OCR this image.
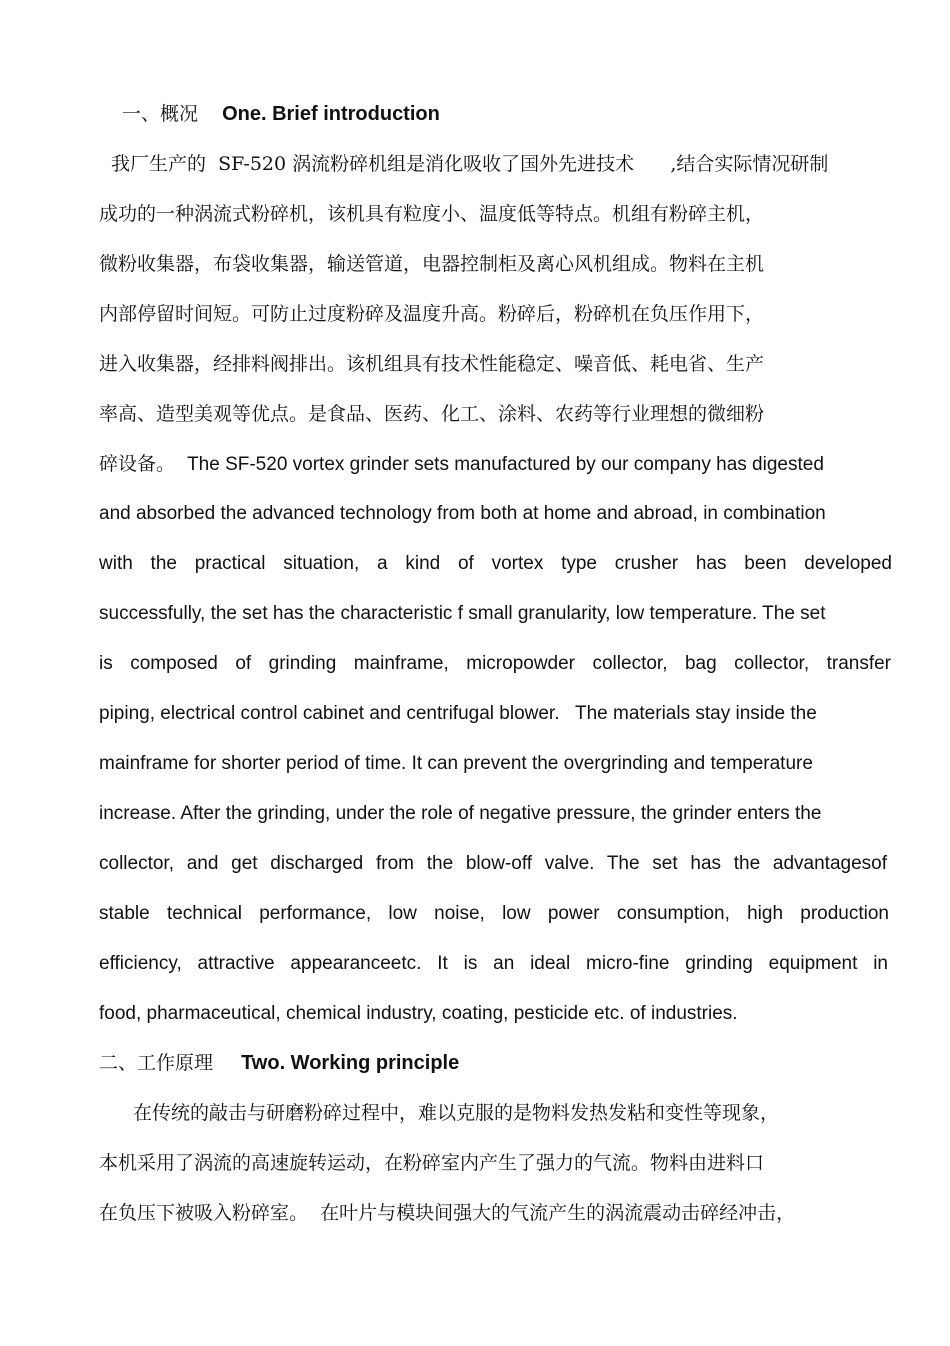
一、概况 One. Brief introduction
我厂生产的  SF-520 涡流粉碎机组是消化吸收了国外先进技术      ,结合实际情况研制
成功的一种涡流式粉碎机，该机具有粒度小、温度低等特点。机组有粉碎主机，
微粉收集器，布袋收集器，输送管道，电器控制柜及离心风机组成。物料在主机
内部停留时间短。可防止过度粉碎及温度升高。粉碎后，粉碎机在负压作用下，
进入收集器，经排料阀排出。该机组具有技术性能稳定、噪音低、耗电省、生产
率高、造型美观等优点。是食品、医药、化工、涂料、农药等行业理想的微细粉
碎设备。 The SF-520 vortex grinder sets manufactured by our company has digested
and absorbed the advanced technology from both at home and abroad, in combination
with the practical situation, a kind of vortex type crusher has been developed
successfully, the set has the characteristic f small granularity, low temperature. The set
is composed of grinding mainframe, micropowder collector, bag collector, transfer
piping, electrical control cabinet and centrifugal blower.   The materials stay inside the
mainframe for shorter period of time. It can prevent the overgrinding and temperature
increase. After the grinding, under the role of negative pressure, the grinder enters the
collector, and get discharged from the blow-off valve. The set has the advantagesof
stable technical performance, low noise, low power consumption, high production
efficiency, attractive appearanceetc. It is an ideal micro-fine grinding equipment in
food, pharmaceutical, chemical industry, coating, pesticide etc. of industries.
二、工作原理 Two. Working principle
在传统的敲击与研磨粉碎过程中，难以克服的是物料发热发粘和变性等现象，
本机采用了涡流的高速旋转运动，在粉碎室内产生了强力的气流。物料由进料口
在负压下被吸入粉碎室。  在叶片与模块间强大的气流产生的涡流震动击碎经冲击，
